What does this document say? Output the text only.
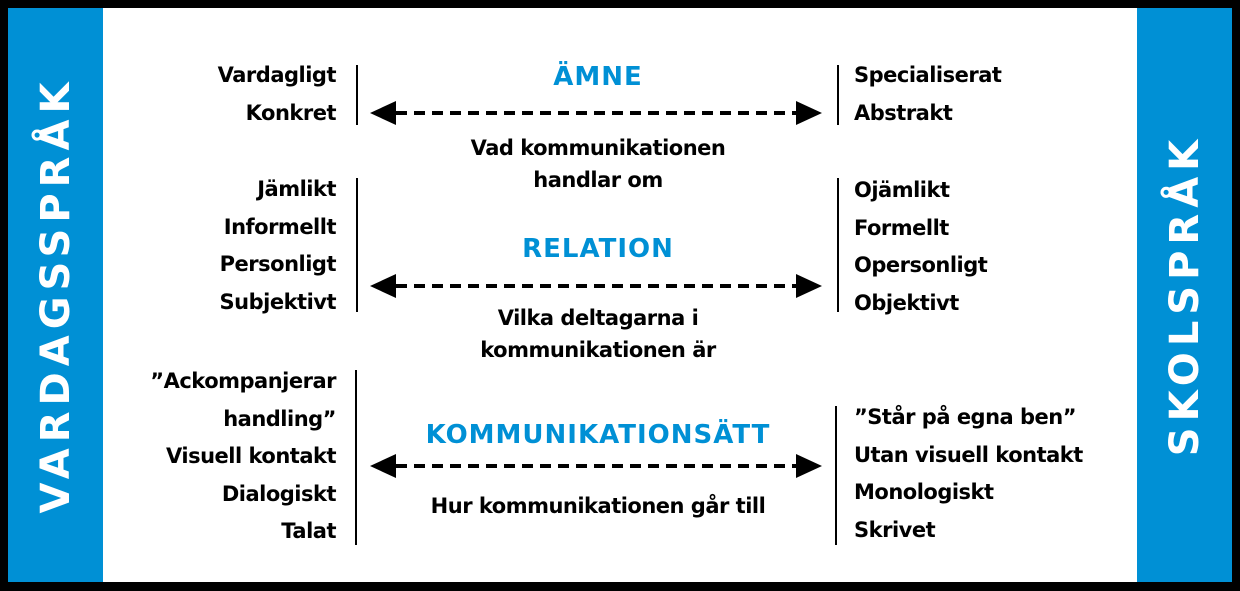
VARDAGSSPRÅK	SKOLSPRÅK
Vardagligt
Konkret
ÄMNE
Vad kommunikationen
handlar om
Specialiserat
Abstrakt
Jämlikt
Informellt
Personligt
Subjektivt
RELATION
Vilka deltagarna i
kommunikationen är
Ojämlikt
Formellt
Opersonligt
Objektivt
”Ackompanjerar
handling”
Visuell kontakt
Dialogiskt
Talat
KOMMUNIKATIONSÄTT
Hur kommunikationen går till
”Står på egna ben”
Utan visuell kontakt
Monologiskt
Skrivet
